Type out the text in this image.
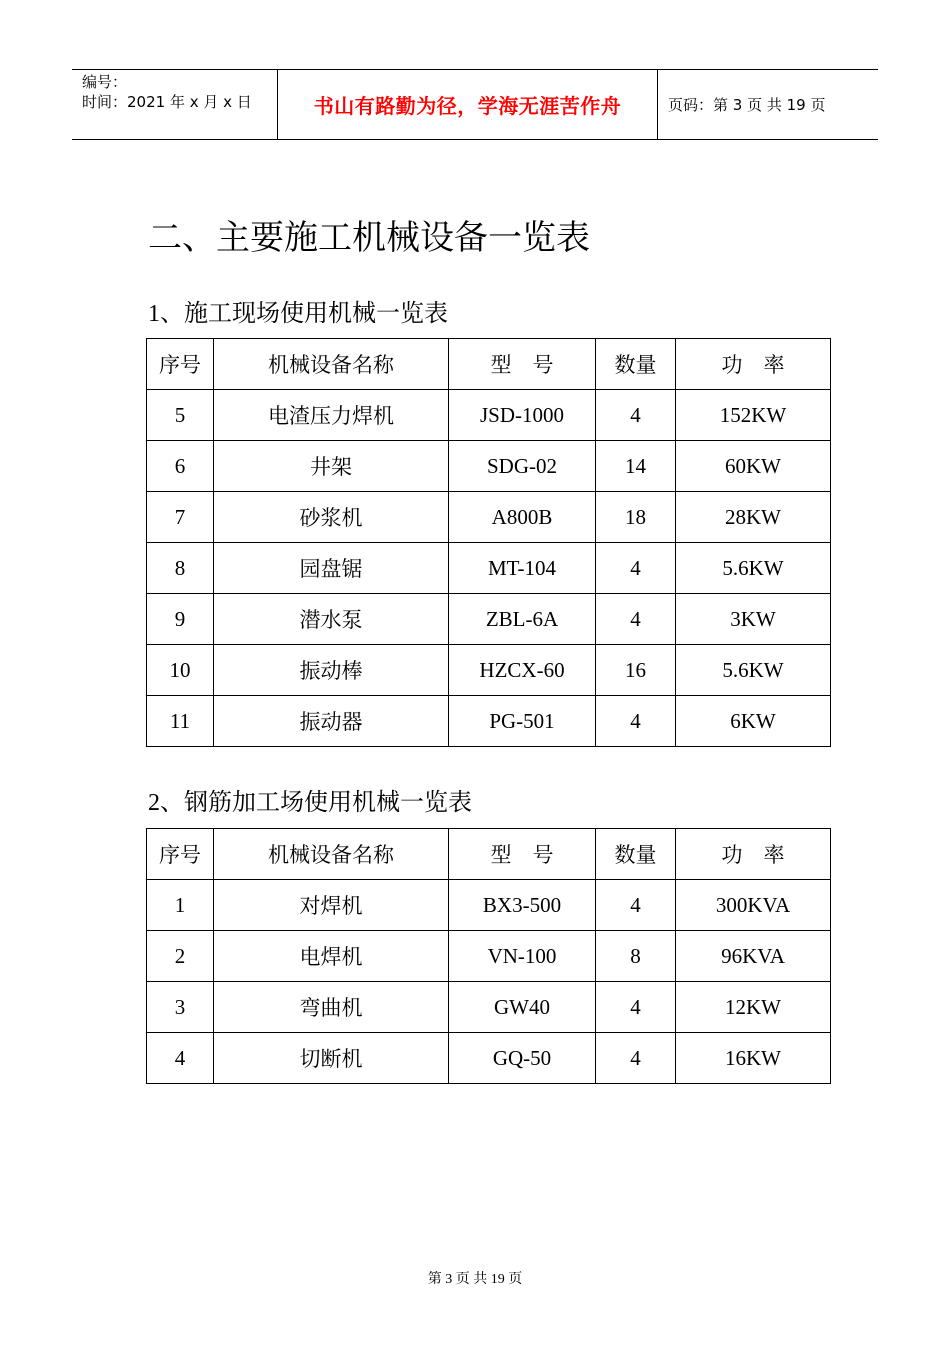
编号：
时间：2021 年 x 月 x 日	书山有路勤为径，学海无涯苦作舟	页码：第 3 页 共 19 页
二、主要施工机械设备一览表
1、施工现场使用机械一览表
序号	机械设备名称	型　号	数量	功　率
5	电渣压力焊机	JSD-1000	4	152KW
6	井架	SDG-02	14	60KW
7	砂浆机	A800B	18	28KW
8	园盘锯	MT-104	4	5.6KW
9	潜水泵	ZBL-6A	4	3KW
10	振动棒	HZCX-60	16	5.6KW
11	振动器	PG-501	4	6KW
2、钢筋加工场使用机械一览表
序号	机械设备名称	型　号	数量	功　率
1	对焊机	BX3-500	4	300KVA
2	电焊机	VN-100	8	96KVA
3	弯曲机	GW40	4	12KW
4	切断机	GQ-50	4	16KW
第 3 页 共 19 页
